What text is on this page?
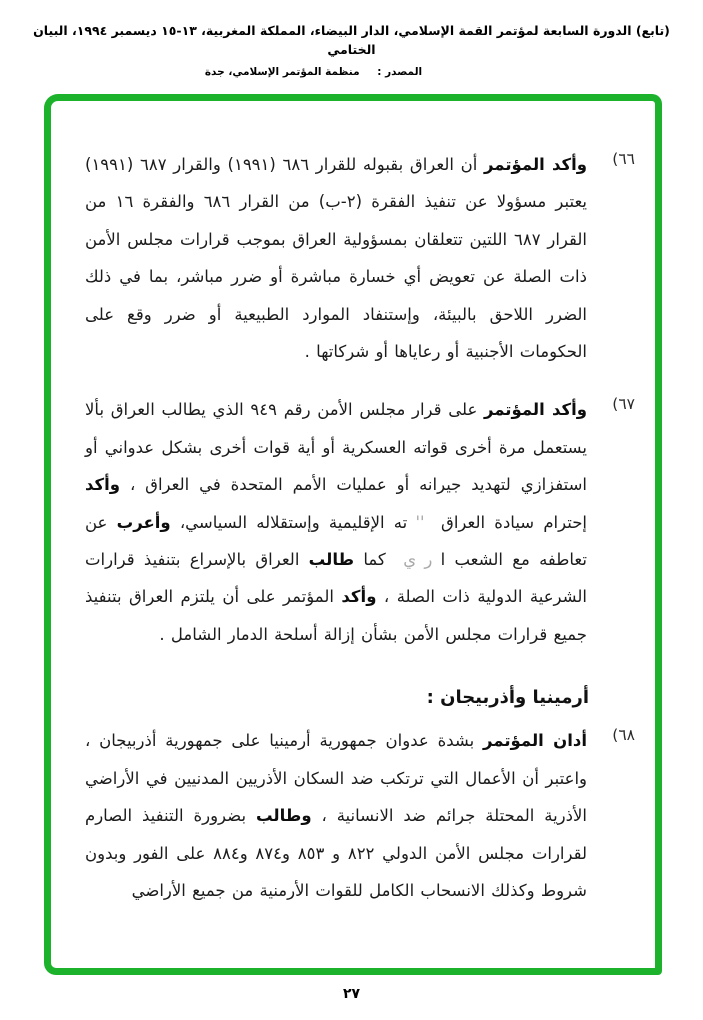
(تابع) الدورة السابعة لمؤتمر القمة الإسلامي، الدار البيضاء، المملكة المغربية، ١٣-١٥ ديسمبر ١٩٩٤، البيان الختامي
المصدر : منظمة المؤتمر الإسلامي، جدة
٦٦)
وأكد المؤتمر أن العراق بقبوله للقرار ٦٨٦ (١٩٩١) والقرار ٦٨٧ (١٩٩١) يعتبر مسؤولا عن تنفيذ الفقرة (٢-ب) من القرار ٦٨٦ والفقرة ١٦ من القرار ٦٨٧ اللتين تتعلقان بمسؤولية العراق بموجب قرارات مجلس الأمن ذات الصلة عن تعويض أي خسارة مباشرة أو ضرر مباشر، بما في ذلك الضرر اللاحق بالبيئة، وإستنفاد الموارد الطبيعية أو ضرر وقع على الحكومات الأجنبية أو رعاياها أو شركاتها .
٦٧)
وأكد المؤتمر على قرار مجلس الأمن رقم ٩٤٩ الذي يطالب العراق بألا يستعمل مرة أخرى قواته العسكرية أو أية قوات أخرى بشكل عدواني أو استفزازي لتهديد جيرانه أو عمليات الأمم المتحدة في العراق ، وأكد إحترام سيادة العراق '' ته الإقليمية وإستقلاله السياسي، وأعرب عن تعاطفه مع الشعب ا ر ي  كما طالب العراق بالإسراع بتنفيذ قرارات الشرعية الدولية ذات الصلة ، وأكد المؤتمر على أن يلتزم العراق بتنفيذ جميع قرارات مجلس الأمن بشأن إزالة أسلحة الدمار الشامل .
أرمينيا وأذربيجان :
٦٨)
أدان المؤتمر بشدة عدوان جمهورية أرمينيا على جمهورية أذربيجان ، واعتبر أن الأعمال التي ترتكب ضد السكان الأذريين المدنيين في الأراضي الأذرية المحتلة جرائم ضد الانسانية ، وطالب بضرورة التنفيذ الصارم لقرارات مجلس الأمن الدولي ٨٢٢ و ٨٥٣ و٨٧٤ و٨٨٤ على الفور وبدون شروط وكذلك الانسحاب الكامل للقوات الأرمنية من جميع الأراضي
٢٧
